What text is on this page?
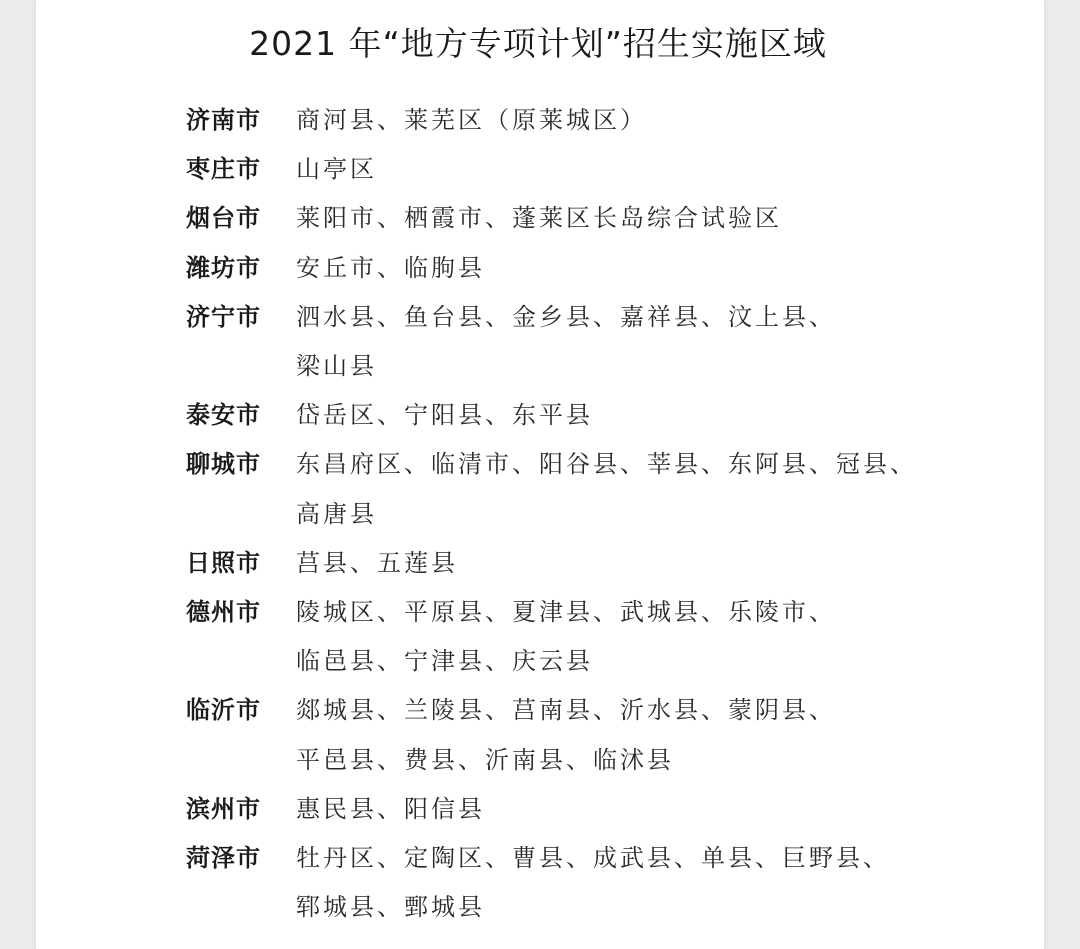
2021 年“地方专项计划”招生实施区域
济南市	商河县、莱芜区（原莱城区）
枣庄市	山亭区
烟台市	莱阳市、栖霞市、蓬莱区长岛综合试验区
潍坊市	安丘市、临朐县
济宁市	泗水县、鱼台县、金乡县、嘉祥县、汶上县、
梁山县
泰安市	岱岳区、宁阳县、东平县
聊城市	东昌府区、临清市、阳谷县、莘县、东阿县、冠县、
高唐县
日照市	莒县、五莲县
德州市	陵城区、平原县、夏津县、武城县、乐陵市、
临邑县、宁津县、庆云县
临沂市	郯城县、兰陵县、莒南县、沂水县、蒙阴县、
平邑县、费县、沂南县、临沭县
滨州市	惠民县、阳信县
菏泽市	牡丹区、定陶区、曹县、成武县、单县、巨野县、
郓城县、鄄城县
